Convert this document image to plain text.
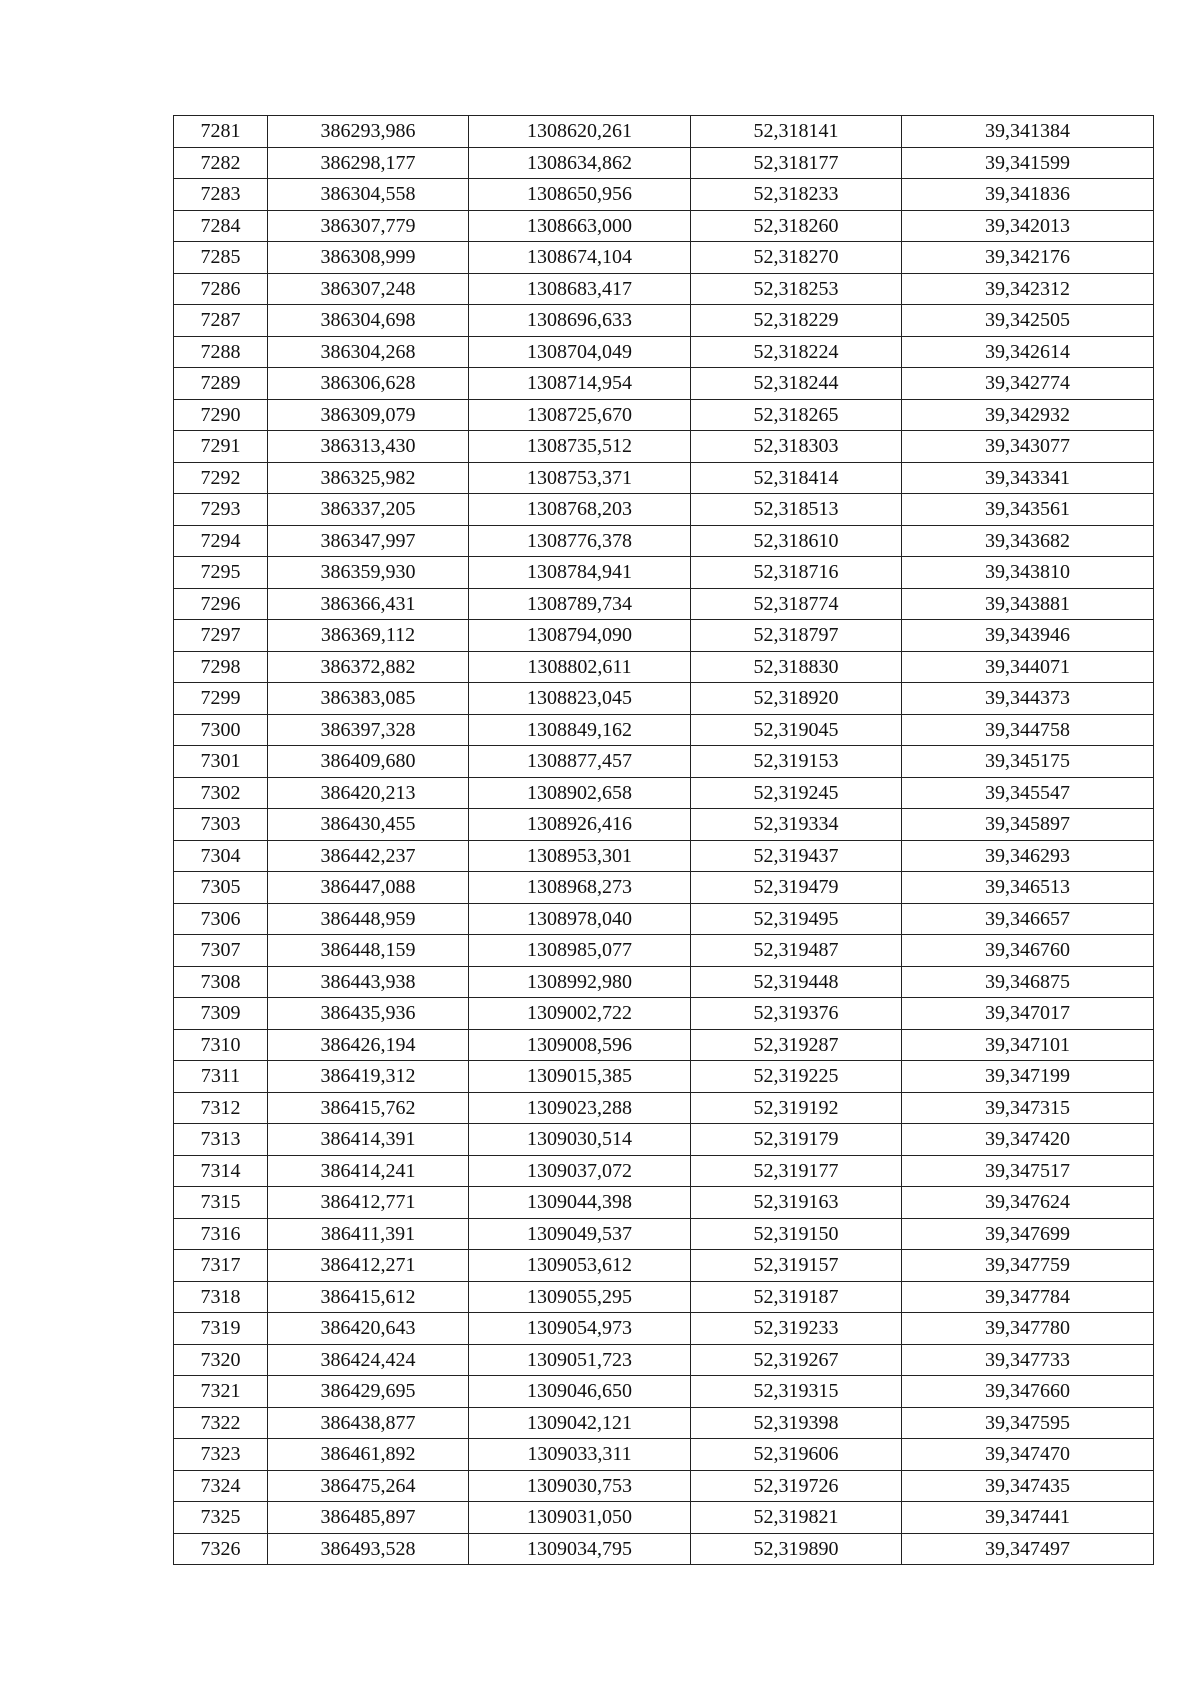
7281	386293,986	1308620,261	52,318141	39,341384
7282	386298,177	1308634,862	52,318177	39,341599
7283	386304,558	1308650,956	52,318233	39,341836
7284	386307,779	1308663,000	52,318260	39,342013
7285	386308,999	1308674,104	52,318270	39,342176
7286	386307,248	1308683,417	52,318253	39,342312
7287	386304,698	1308696,633	52,318229	39,342505
7288	386304,268	1308704,049	52,318224	39,342614
7289	386306,628	1308714,954	52,318244	39,342774
7290	386309,079	1308725,670	52,318265	39,342932
7291	386313,430	1308735,512	52,318303	39,343077
7292	386325,982	1308753,371	52,318414	39,343341
7293	386337,205	1308768,203	52,318513	39,343561
7294	386347,997	1308776,378	52,318610	39,343682
7295	386359,930	1308784,941	52,318716	39,343810
7296	386366,431	1308789,734	52,318774	39,343881
7297	386369,112	1308794,090	52,318797	39,343946
7298	386372,882	1308802,611	52,318830	39,344071
7299	386383,085	1308823,045	52,318920	39,344373
7300	386397,328	1308849,162	52,319045	39,344758
7301	386409,680	1308877,457	52,319153	39,345175
7302	386420,213	1308902,658	52,319245	39,345547
7303	386430,455	1308926,416	52,319334	39,345897
7304	386442,237	1308953,301	52,319437	39,346293
7305	386447,088	1308968,273	52,319479	39,346513
7306	386448,959	1308978,040	52,319495	39,346657
7307	386448,159	1308985,077	52,319487	39,346760
7308	386443,938	1308992,980	52,319448	39,346875
7309	386435,936	1309002,722	52,319376	39,347017
7310	386426,194	1309008,596	52,319287	39,347101
7311	386419,312	1309015,385	52,319225	39,347199
7312	386415,762	1309023,288	52,319192	39,347315
7313	386414,391	1309030,514	52,319179	39,347420
7314	386414,241	1309037,072	52,319177	39,347517
7315	386412,771	1309044,398	52,319163	39,347624
7316	386411,391	1309049,537	52,319150	39,347699
7317	386412,271	1309053,612	52,319157	39,347759
7318	386415,612	1309055,295	52,319187	39,347784
7319	386420,643	1309054,973	52,319233	39,347780
7320	386424,424	1309051,723	52,319267	39,347733
7321	386429,695	1309046,650	52,319315	39,347660
7322	386438,877	1309042,121	52,319398	39,347595
7323	386461,892	1309033,311	52,319606	39,347470
7324	386475,264	1309030,753	52,319726	39,347435
7325	386485,897	1309031,050	52,319821	39,347441
7326	386493,528	1309034,795	52,319890	39,347497
